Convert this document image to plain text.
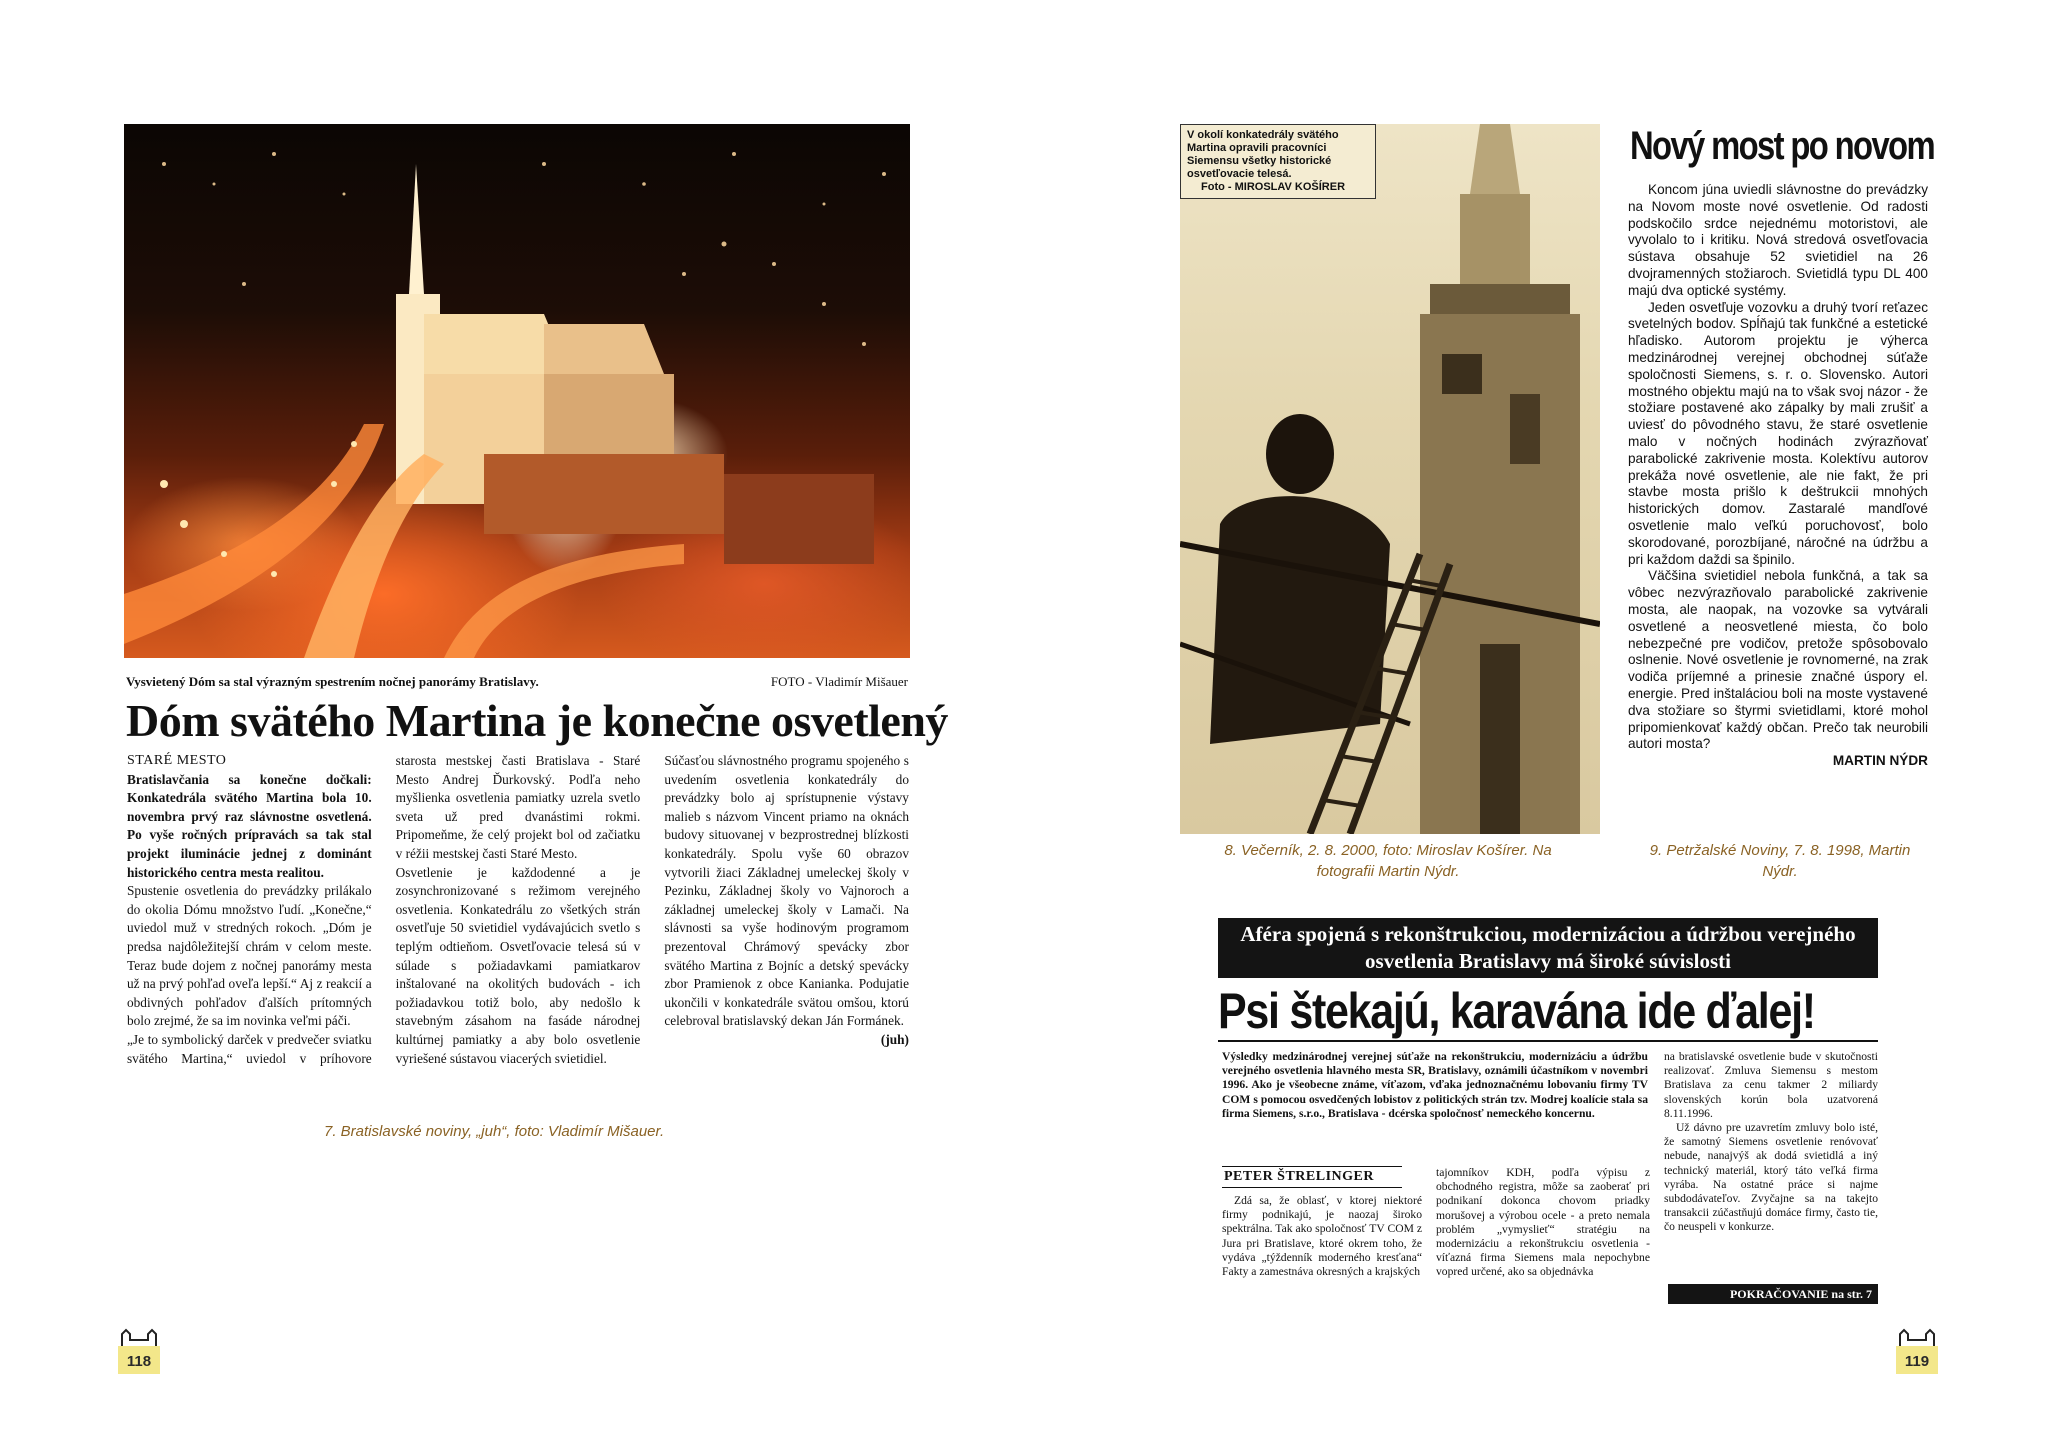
Vysvietený Dóm sa stal výrazným spestrením nočnej panorámy Bratislavy.	FOTO - Vladimír Mišauer
Dóm svätého Martina je konečne osvetlený

STARÉ MESTO

Bratislavčania sa konečne dočkali: Konkatedrála svätého Martina bola 10. novembra prvý raz slávnostne osvetlená. Po vyše ročných prípravách sa tak stal projekt iluminácie jednej z dominánt historického centra mesta realitou.

Spustenie osvetlenia do prevádzky prilákalo do okolia Dómu množstvo ľudí. „Konečne,“ uviedol muž v stredných rokoch. „Dóm je predsa najdôležitejší chrám v celom meste. Teraz bude dojem z nočnej panorámy mesta už na prvý pohľad oveľa lepší.“ Aj z reakcií a obdivných pohľadov ďalších prítomných bolo zrejmé, že sa im novinka veľmi páči.

„Je to symbolický darček v predvečer sviatku svätého Martina,“ uviedol v príhovore starosta mestskej časti Bratislava - Staré Mesto Andrej Ďurkovský. Podľa neho myšlienka osvetlenia pamiatky uzrela svetlo sveta už pred dvanástimi rokmi. Pripomeňme, že celý projekt bol od začiatku v réžii mestskej časti Staré Mesto.

Osvetlenie je každodenné a je zosynchronizované s režimom verejného osvetlenia. Konkatedrálu zo všetkých strán osvetľuje 50 svietidiel vydávajúcich svetlo s teplým odtieňom. Osvetľovacie telesá sú v súlade s požiadavkami pamiatkarov inštalované na okolitých budovách - ich požiadavkou totiž bolo, aby nedošlo k stavebným zásahom na fasáde národnej kultúrnej pamiatky a aby bolo osvetlenie vyriešené sústavou viacerých svietidiel.

Súčasťou slávnostného programu spojeného s uvedením osvetlenia konkatedrály do prevádzky bolo aj sprístupnenie výstavy malieb s názvom Vincent priamo na oknách budovy situovanej v bezprostrednej blízkosti konkatedrály. Spolu vyše 60 obrazov vytvorili žiaci Základnej umeleckej školy v Pezinku, Základnej školy vo Vajnoroch a základnej umeleckej školy v Lamači. Na slávnosti sa vyše hodinovým programom prezentoval Chrámový spevácky zbor svätého Martina z Bojníc a detský spevácky zbor Pramienok z obce Kanianka. Podujatie ukončili v konkatedrále svätou omšou, ktorú celebroval bratislavský dekan Ján Formánek.

(juh)

7. Bratislavské noviny, „juh“, foto: Vladimír Mišauer.
118
V okolí konkatedrály svätého Martina opravili pracovníci Siemensu všetky historické osvetľovacie telesá.
Foto - MIROSLAV KOŠÍRER
Nový most po novom

Koncom júna uviedli slávnostne do prevádzky na Novom moste nové osvetlenie. Od radosti podskočilo srdce nejednému motoristovi, ale vyvolalo to i kritiku. Nová stredová osvetľovacia sústava obsahuje 52 svietidiel na 26 dvojramenných stožiaroch. Svietidlá typu DL 400 majú dva optické systémy.

Jeden osvetľuje vozovku a druhý tvorí reťazec svetelných bodov. Spĺňajú tak funkčné a estetické hľadisko. Autorom projektu je výherca medzinárodnej verejnej obchodnej súťaže spoločnosti Siemens, s. r. o. Slovensko. Autori mostného objektu majú na to však svoj názor - že stožiare postavené ako zápalky by mali zrušiť a uviesť do pôvodného stavu, že staré osvetlenie malo v nočných hodinách zvýrazňovať parabolické zakrivenie mosta. Kolektívu autorov prekáža nové osvetlenie, ale nie fakt, že pri stavbe mosta prišlo k deštrukcii mnohých historických domov. Zastaralé mandľové osvetlenie malo veľkú poruchovosť, bolo skorodované, porozbíjané, náročné na údržbu a pri každom daždi sa špinilo.

Väčšina svietidiel nebola funkčná, a tak sa vôbec nezvýrazňovalo parabolické zakrivenie mosta, ale naopak, na vozovke sa vytvárali osvetlené a neosvetlené miesta, čo bolo nebezpečné pre vodičov, pretože spôsobovalo oslnenie. Nové osvetlenie je rovnomerné, na zrak vodiča príjemné a prinesie značné úspory el. energie. Pred inštaláciou boli na moste vystavené dva stožiare so štyrmi svietidlami, ktoré mohol pripomienkovať každý občan. Prečo tak neurobili autori mosta?

MARTIN NÝDR

8. Večerník, 2. 8. 2000, foto: Miroslav Košírer. Na fotografii Martin Nýdr.
9. Petržalské Noviny, 7. 8. 1998, Martin Nýdr.
Aféra spojená s rekonštrukciou, modernizáciou a údržbou verejného osvetlenia Bratislavy má široké súvislosti
Psi štekajú, karavána ide ďalej!
Výsledky medzinárodnej verejnej súťaže na rekonštrukciu, modernizáciu a údržbu verejného osvetlenia hlavného mesta SR, Bratislavy, oznámili účastníkom v novembri 1996. Ako je všeobecne známe, víťazom, vďaka jednoznačnému lobovaniu firmy TV COM s pomocou osvedčených lobistov z politických strán tzv. Modrej koalície stala sa firma Siemens, s.r.o., Bratislava - dcérska spoločnosť nemeckého koncernu.
PETER ŠTRELINGER

Zdá sa, že oblasť, v ktorej niektoré firmy podnikajú, je naozaj široko spektrálna. Tak ako spoločnosť TV COM z Jura pri Bratislave, ktoré okrem toho, že vydáva „týždenník moderného kresťana“ Fakty a zamestnáva okresných a krajských

tajomníkov KDH, podľa výpisu z obchodného registra, môže sa zaoberať pri podnikaní dokonca chovom priadky morušovej a výrobou ocele - a preto nemala problém „vymyslieť“ stratégiu na modernizáciu a rekonštrukciu osvetlenia - víťazná firma Siemens mala nepochybne vopred určené, ako sa objednávka

na bratislavské osvetlenie bude v skutočnosti realizovať. Zmluva Siemensu s mestom Bratislava za cenu takmer 2 miliardy slovenských korún bola uzatvorená 8.11.1996.

Už dávno pre uzavretím zmluvy bolo isté, že samotný Siemens osvetlenie renóvovať nebude, nanajvýš ak dodá svietidlá a iný technický materiál, ktorý táto veľká firma vyrába. Na ostatné práce si najme subdodávateľov. Zvyčajne sa na takejto transakcii zúčastňujú domáce firmy, často tie, čo neuspeli v konkurze.

POKRAČOVANIE na str. 7
119
